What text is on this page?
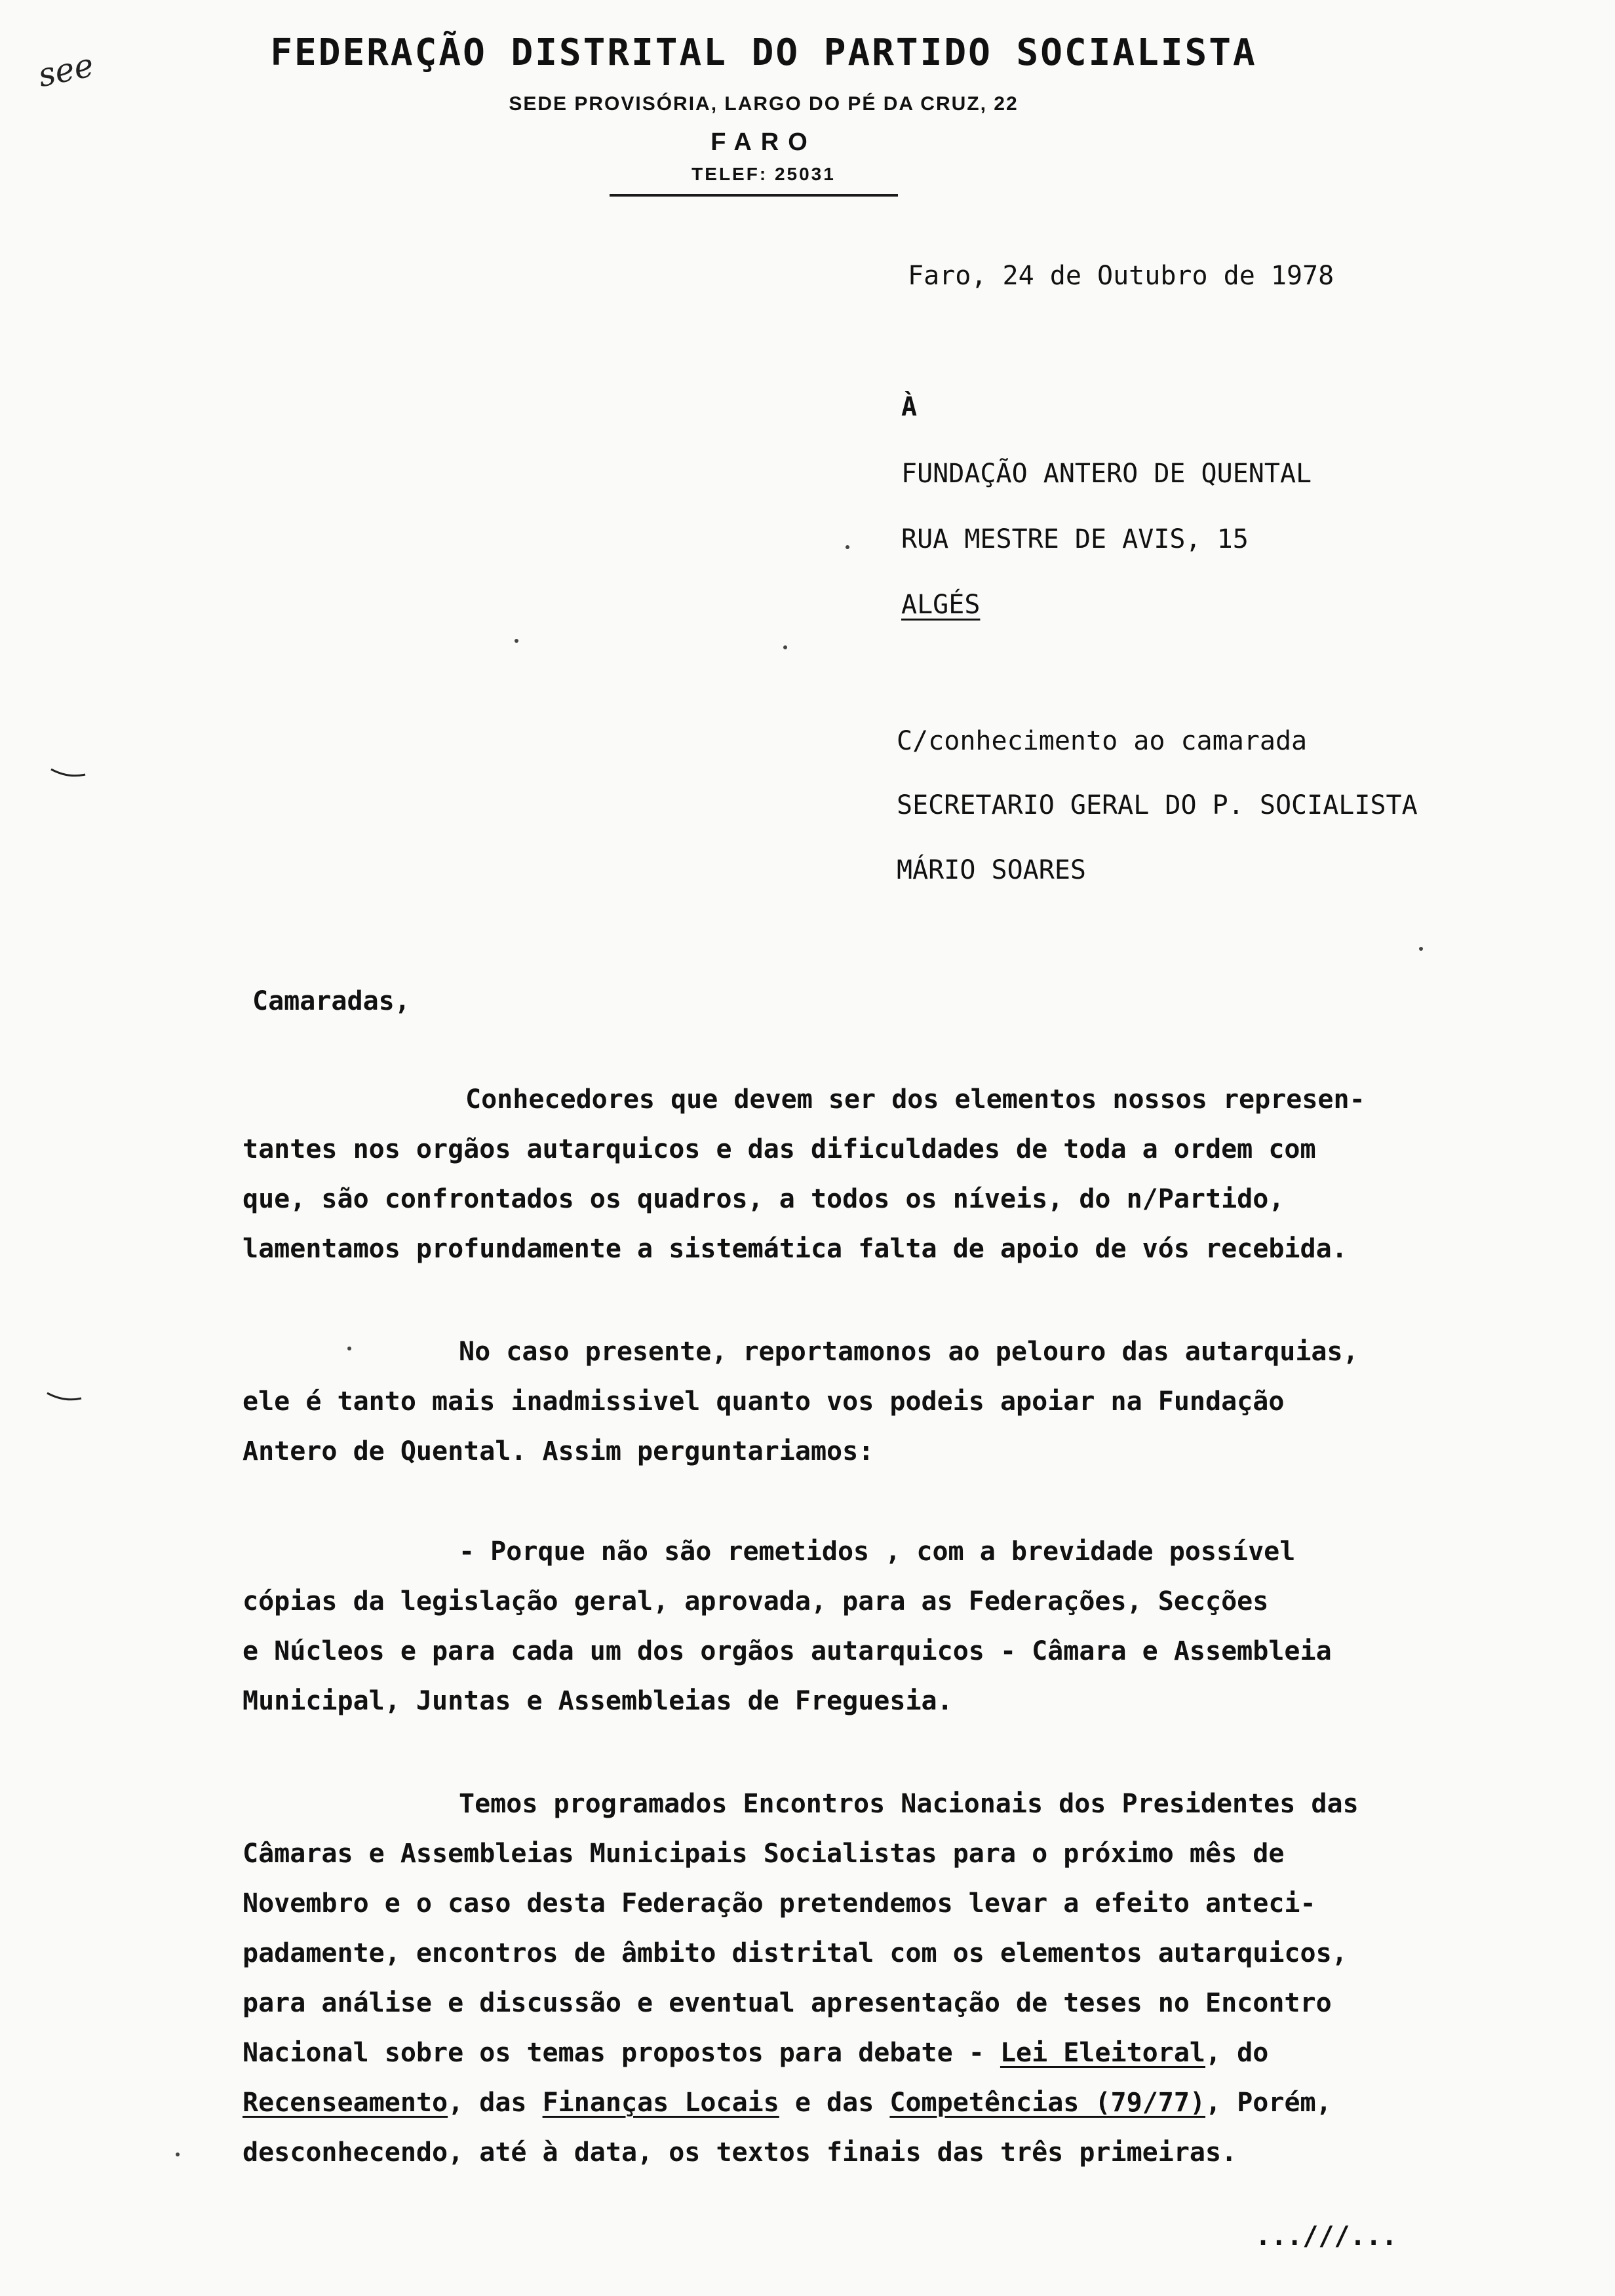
see	FEDERAÇÃO DISTRITAL DO PARTIDO SOCIALISTA
SEDE PROVISÓRIA, LARGO DO PÉ DA CRUZ, 22
FARO
TELEF: 25031
Faro, 24 de Outubro de 1978
À
FUNDAÇÃO ANTERO DE QUENTAL
RUA MESTRE DE AVIS, 15
ALGÉS
C/conhecimento ao camarada
SECRETARIO GERAL DO P. SOCIALISTA
MÁRIO SOARES
Camaradas,
Conhecedores que devem ser dos elementos nossos represen-
tantes nos orgãos autarquicos e das dificuldades de toda a ordem com
que, são confrontados os quadros, a todos os níveis, do n/Partido,
lamentamos profundamente a sistemática falta de apoio de vós recebida.
No caso presente, reportamonos ao pelouro das autarquias,
ele é tanto mais inadmissivel quanto vos podeis apoiar na Fundação
Antero de Quental. Assim perguntariamos:
- Porque não são remetidos , com a brevidade possível
cópias da legislação geral, aprovada, para as Federações, Secções
e Núcleos e para cada um dos orgãos autarquicos - Câmara e Assembleia
Municipal, Juntas e Assembleias de Freguesia.
Temos programados Encontros Nacionais dos Presidentes das
Câmaras e Assembleias Municipais Socialistas para o próximo mês de
Novembro e o caso desta Federação pretendemos levar a efeito anteci-
padamente, encontros de âmbito distrital com os elementos autarquicos,
para análise e discussão e eventual apresentação de teses no Encontro
Nacional sobre os temas propostos para debate - Lei Eleitoral, do
Recenseamento, das Finanças Locais e das Competências (79/77), Porém,
desconhecendo, até à data, os textos finais das três primeiras.
...///...
